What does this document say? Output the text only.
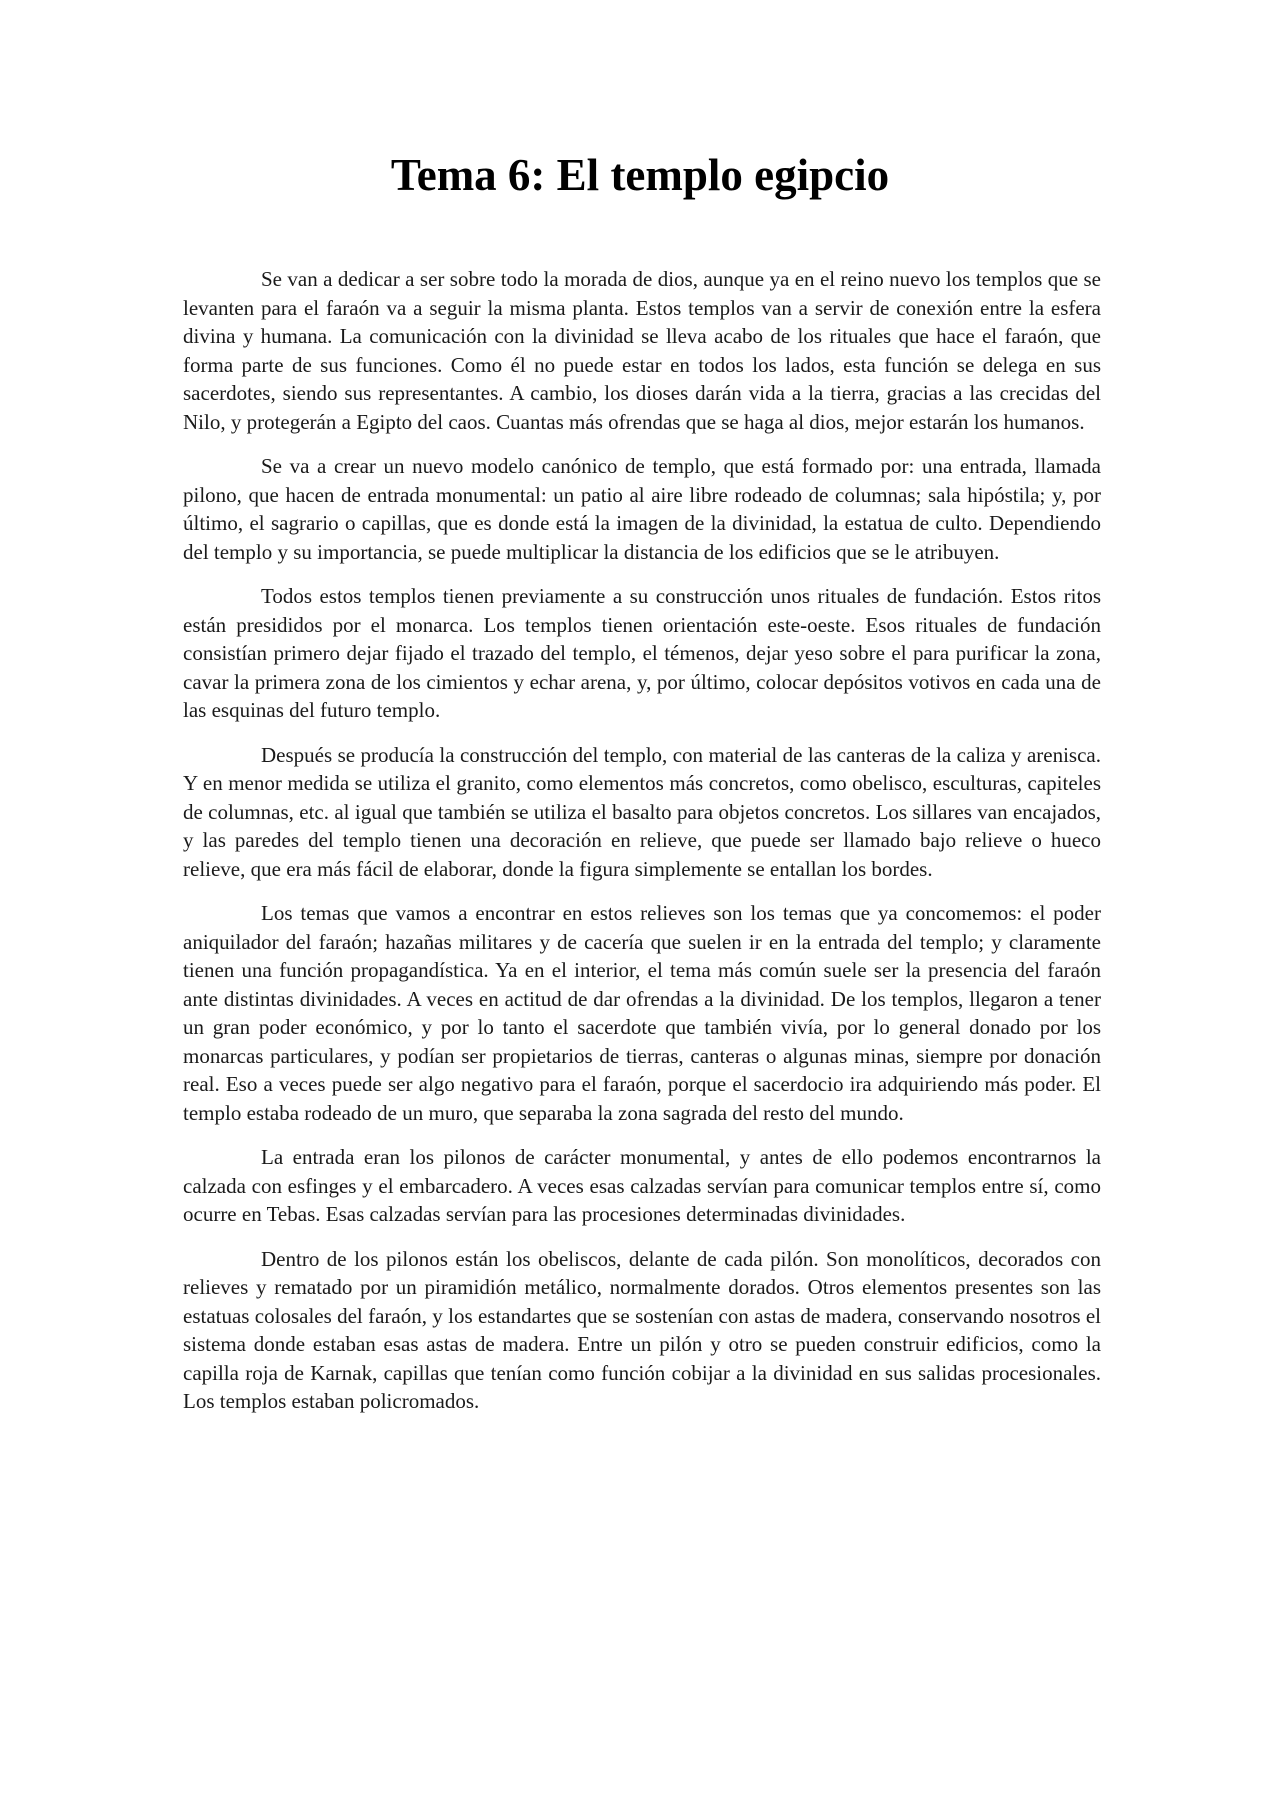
Tema 6: El templo egipcio

Se van a dedicar a ser sobre todo la morada de dios, aunque ya en el reino nuevo los templos que se levanten para el faraón va a seguir la misma planta. Estos templos van a servir de conexión entre la esfera divina y humana. La comunicación con la divinidad se lleva acabo de los rituales que hace el faraón, que forma parte de sus funciones. Como él no puede estar en todos los lados, esta función se delega en sus sacerdotes, siendo sus representantes. A cambio, los dioses darán vida a la tierra, gracias a las crecidas del Nilo, y protegerán a Egipto del caos. Cuantas más ofrendas que se haga al dios, mejor estarán los humanos.

Se va a crear un nuevo modelo canónico de templo, que está formado por: una entrada, llamada pilono, que hacen de entrada monumental: un patio al aire libre rodeado de columnas; sala hipóstila; y, por último, el sagrario o capillas, que es donde está la imagen de la divinidad, la estatua de culto. Dependiendo del templo y su importancia, se puede multiplicar la distancia de los edificios que se le atribuyen.

Todos estos templos tienen previamente a su construcción unos rituales de fundación. Estos ritos están presididos por el monarca. Los templos tienen orientación este-oeste. Esos rituales de fundación consistían primero dejar fijado el trazado del templo, el témenos, dejar yeso sobre el para purificar la zona, cavar la primera zona de los cimientos y echar arena, y, por último, colocar depósitos votivos en cada una de las esquinas del futuro templo.

Después se producía la construcción del templo, con material de las canteras de la caliza y arenisca. Y en menor medida se utiliza el granito, como elementos más concretos, como obelisco, esculturas, capiteles de columnas, etc. al igual que también se utiliza el basalto para objetos concretos. Los sillares van encajados, y las paredes del templo tienen una decoración en relieve, que puede ser llamado bajo relieve o hueco relieve, que era más fácil de elaborar, donde la figura simplemente se entallan los bordes.

Los temas que vamos a encontrar en estos relieves son los temas que ya concomemos: el poder aniquilador del faraón; hazañas militares y de cacería que suelen ir en la entrada del templo; y claramente tienen una función propagandística. Ya en el interior, el tema más común suele ser la presencia del faraón ante distintas divinidades. A veces en actitud de dar ofrendas a la divinidad. De los templos, llegaron a tener un gran poder económico, y por lo tanto el sacerdote que también vivía, por lo general donado por los monarcas particulares, y podían ser propietarios de tierras, canteras o algunas minas, siempre por donación real. Eso a veces puede ser algo negativo para el faraón, porque el sacerdocio ira adquiriendo más poder. El templo estaba rodeado de un muro, que separaba la zona sagrada del resto del mundo.

La entrada eran los pilonos de carácter monumental, y antes de ello podemos encontrarnos la calzada con esfinges y el embarcadero. A veces esas calzadas servían para comunicar templos entre sí, como ocurre en Tebas. Esas calzadas servían para las procesiones determinadas divinidades.

Dentro de los pilonos están los obeliscos, delante de cada pilón. Son monolíticos, decorados con relieves y rematado por un piramidión metálico, normalmente dorados. Otros elementos presentes son las estatuas colosales del faraón, y los estandartes que se sostenían con astas de madera, conservando nosotros el sistema donde estaban esas astas de madera. Entre un pilón y otro se pueden construir edificios, como la capilla roja de Karnak, capillas que tenían como función cobijar a la divinidad en sus salidas procesionales. Los templos estaban policromados.
